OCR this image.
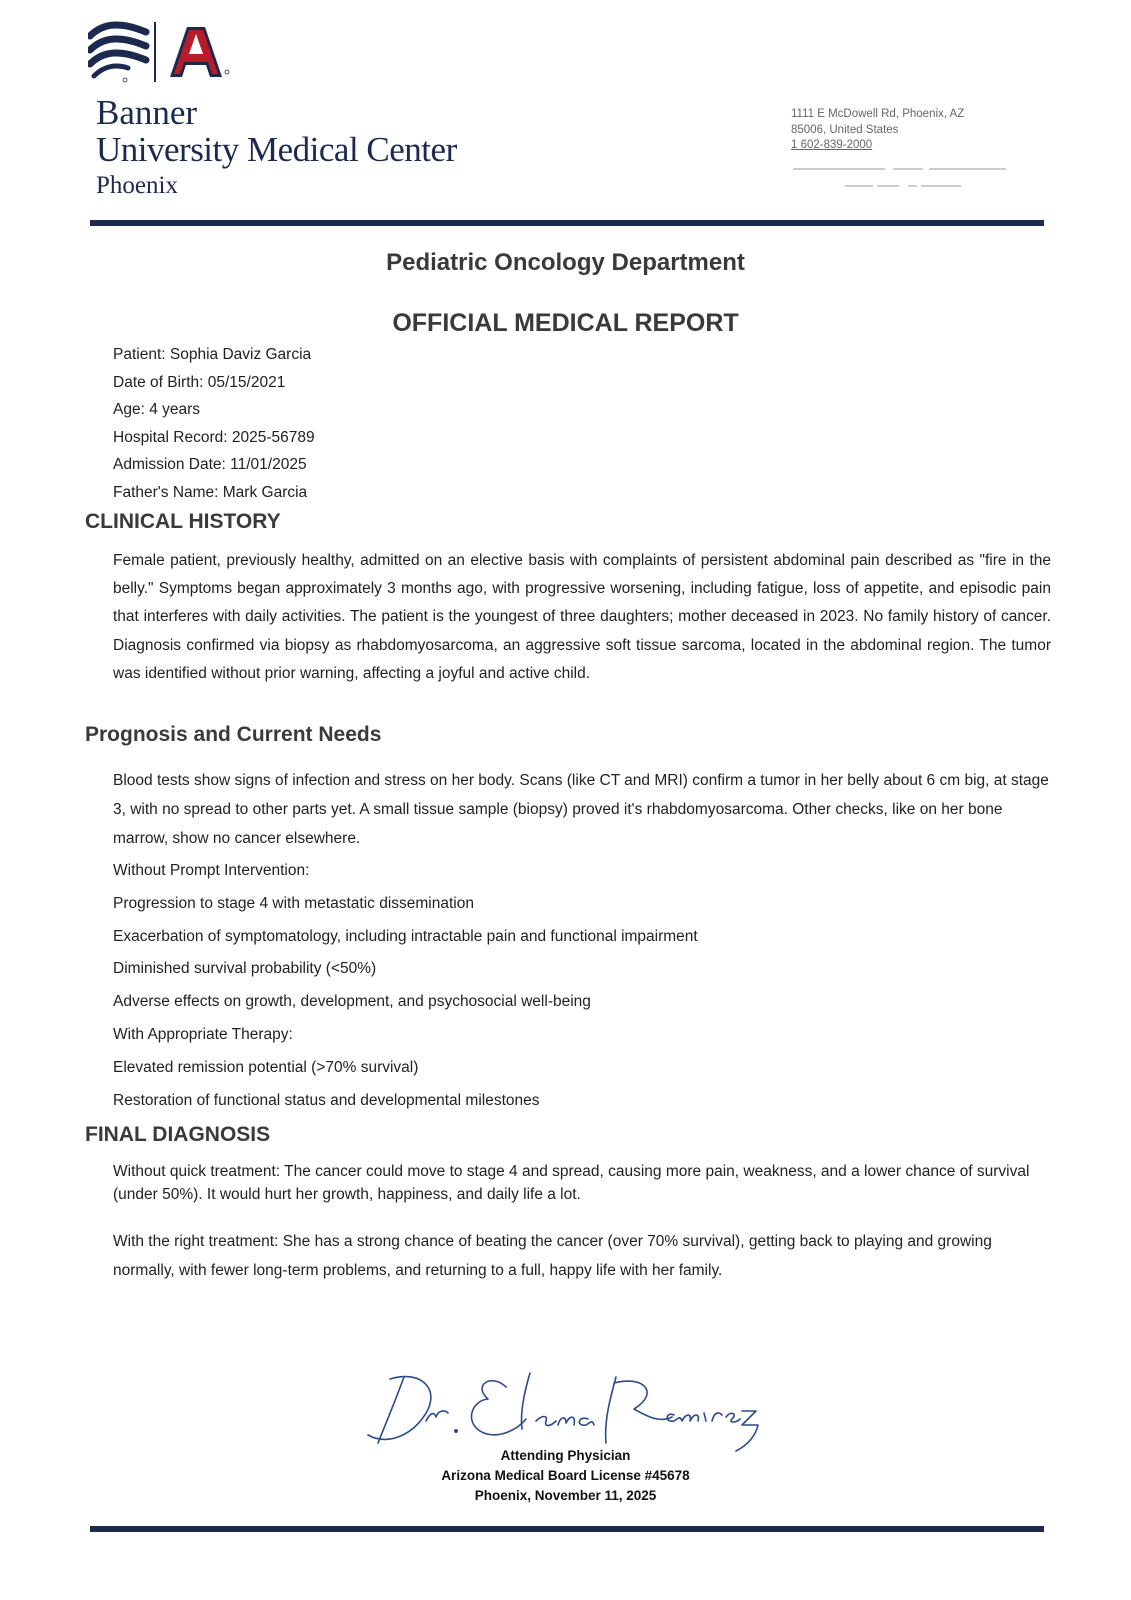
Banner
University Medical Center
Phoenix
1111 E McDowell Rd, Phoenix, AZ
85006, United States
1 602-839-2000
Pediatric Oncology Department
OFFICIAL MEDICAL REPORT
Patient: Sophia Daviz Garcia
Date of Birth: 05/15/2021
Age: 4 years
Hospital Record: 2025-56789
Admission Date: 11/01/2025
Father's Name: Mark Garcia
CLINICAL HISTORY
Female patient, previously healthy, admitted on an elective basis with complaints of persistent abdominal pain described as "fire in the belly." Symptoms began approximately 3 months ago, with progressive worsening, including fatigue, loss of appetite, and episodic pain that interferes with daily activities. The patient is the youngest of three daughters; mother deceased in 2023. No family history of cancer. Diagnosis confirmed via biopsy as rhabdomyosarcoma, an aggressive soft tissue sarcoma, located in the abdominal region. The tumor was identified without prior warning, affecting a joyful and active child.
Prognosis and Current Needs
Blood tests show signs of infection and stress on her body. Scans (like CT and MRI) confirm a tumor in her belly about 6 cm big, at stage 3, with no spread to other parts yet. A small tissue sample (biopsy) proved it's rhabdomyosarcoma. Other checks, like on her bone marrow, show no cancer elsewhere.
Without Prompt Intervention:
Progression to stage 4 with metastatic dissemination
Exacerbation of symptomatology, including intractable pain and functional impairment
Diminished survival probability (<50%)
Adverse effects on growth, development, and psychosocial well-being
With Appropriate Therapy:
Elevated remission potential (>70% survival)
Restoration of functional status and developmental milestones
FINAL DIAGNOSIS
Without quick treatment: The cancer could move to stage 4 and spread, causing more pain, weakness, and a lower chance of survival (under 50%). It would hurt her growth, happiness, and daily life a lot.
With the right treatment: She has a strong chance of beating the cancer (over 70% survival), getting back to playing and growing normally, with fewer long-term problems, and returning to a full, happy life with her family.
Attending Physician
Arizona Medical Board License #45678
Phoenix, November 11, 2025
